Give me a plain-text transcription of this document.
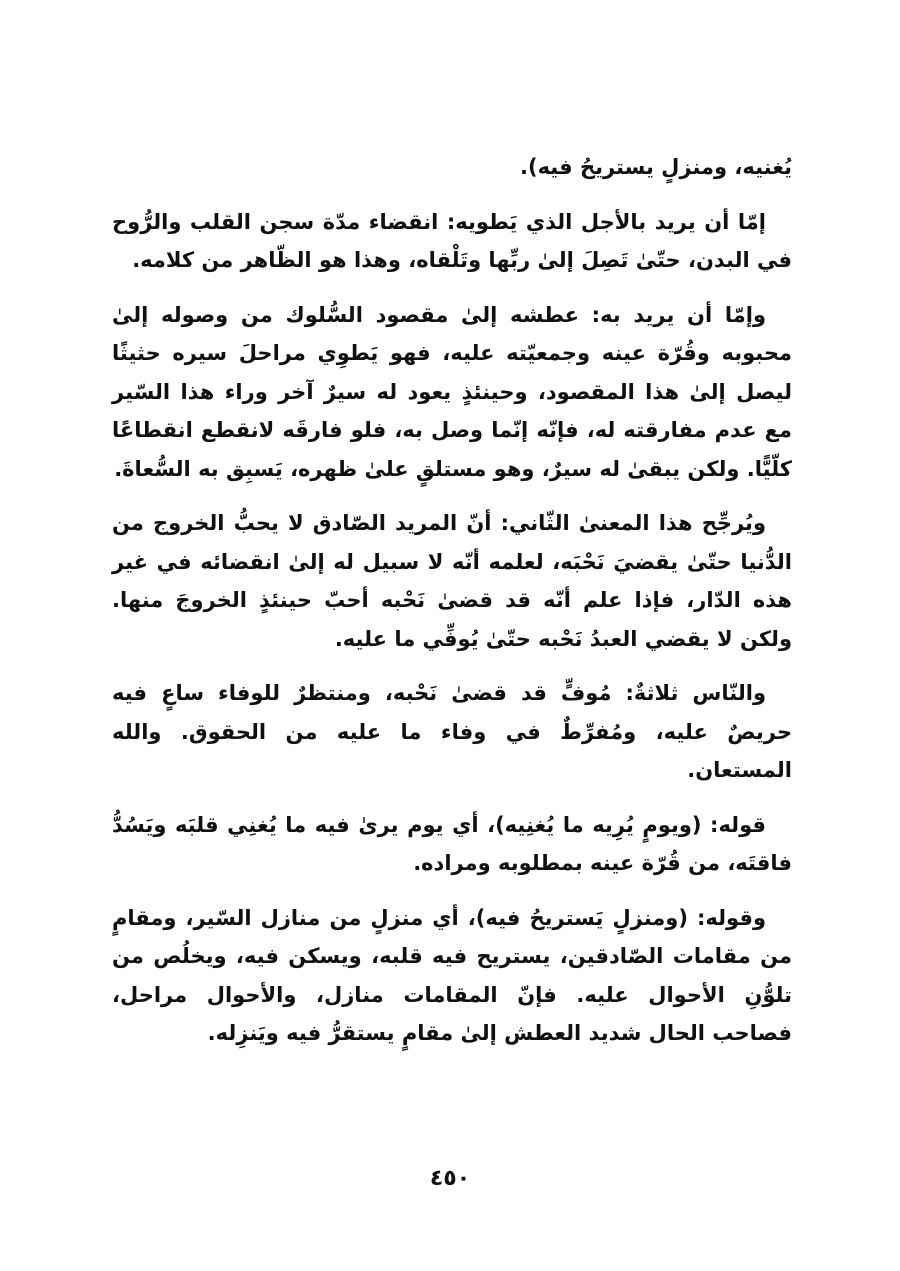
يُغنيه، ومنزلٍ يستريحُ فيه).

إمّا أن يريد بالأجل الذي يَطويه: انقضاء مدّة سجن القلب والرُّوح في البدن، حتّىٰ تَصِلَ إلىٰ ربِّها وتَلْقاه، وهذا هو الظّاهر من كلامه.

وإمّا أن يريد به: عطشه إلىٰ مقصود السُّلوك من وصوله إلىٰ محبوبه وقُرّة عينه وجمعيّته عليه، فهو يَطوِي مراحلَ سيره حثيثًا ليصل إلىٰ هذا المقصود، وحينئذٍ يعود له سيرٌ آخر وراء هذا السّير مع عدم مفارقته له، فإنّه إنّما وصل به، فلو فارقَه لانقطع انقطاعًا كلّيًّا. ولكن يبقىٰ له سيرٌ، وهو مستلقٍ علىٰ ظهره، يَسبِق به السُّعاةَ.

ويُرجِّح هذا المعنىٰ الثّاني: أنّ المريد الصّادق لا يحبُّ الخروج من الدُّنيا حتّىٰ يقضيَ نَحْبَه، لعلمه أنّه لا سبيل له إلىٰ انقضائه في غير هذه الدّار، فإذا علم أنّه قد قضىٰ نَحْبه أحبّ حينئذٍ الخروجَ منها. ولكن لا يقضي العبدُ نَحْبه حتّىٰ يُوفِّي ما عليه.

والنّاس ثلاثةٌ: مُوفٍّ قد قضىٰ نَحْبه، ومنتظرٌ للوفاء ساعٍ فيه حريصٌ عليه، ومُفرِّطٌ في وفاء ما عليه من الحقوق. والله المستعان.

قوله: (ويومٍ يُرِيه ما يُغنِيه)، أي يوم يرىٰ فيه ما يُغنِي قلبَه ويَسُدُّ فاقتَه، من قُرّة عينه بمطلوبه ومراده.

وقوله: (ومنزلٍ يَستريحُ فيه)، أي منزلٍ من منازل السّير، ومقامٍ من مقامات الصّادقين، يستريح فيه قلبه، ويسكن فيه، ويخلُص من تلوُّنِ الأحوال عليه. فإنّ المقامات منازل، والأحوال مراحل، فصاحب الحال شديد العطش إلىٰ مقامٍ يستقرُّ فيه ويَنزِله.

٤٥٠
